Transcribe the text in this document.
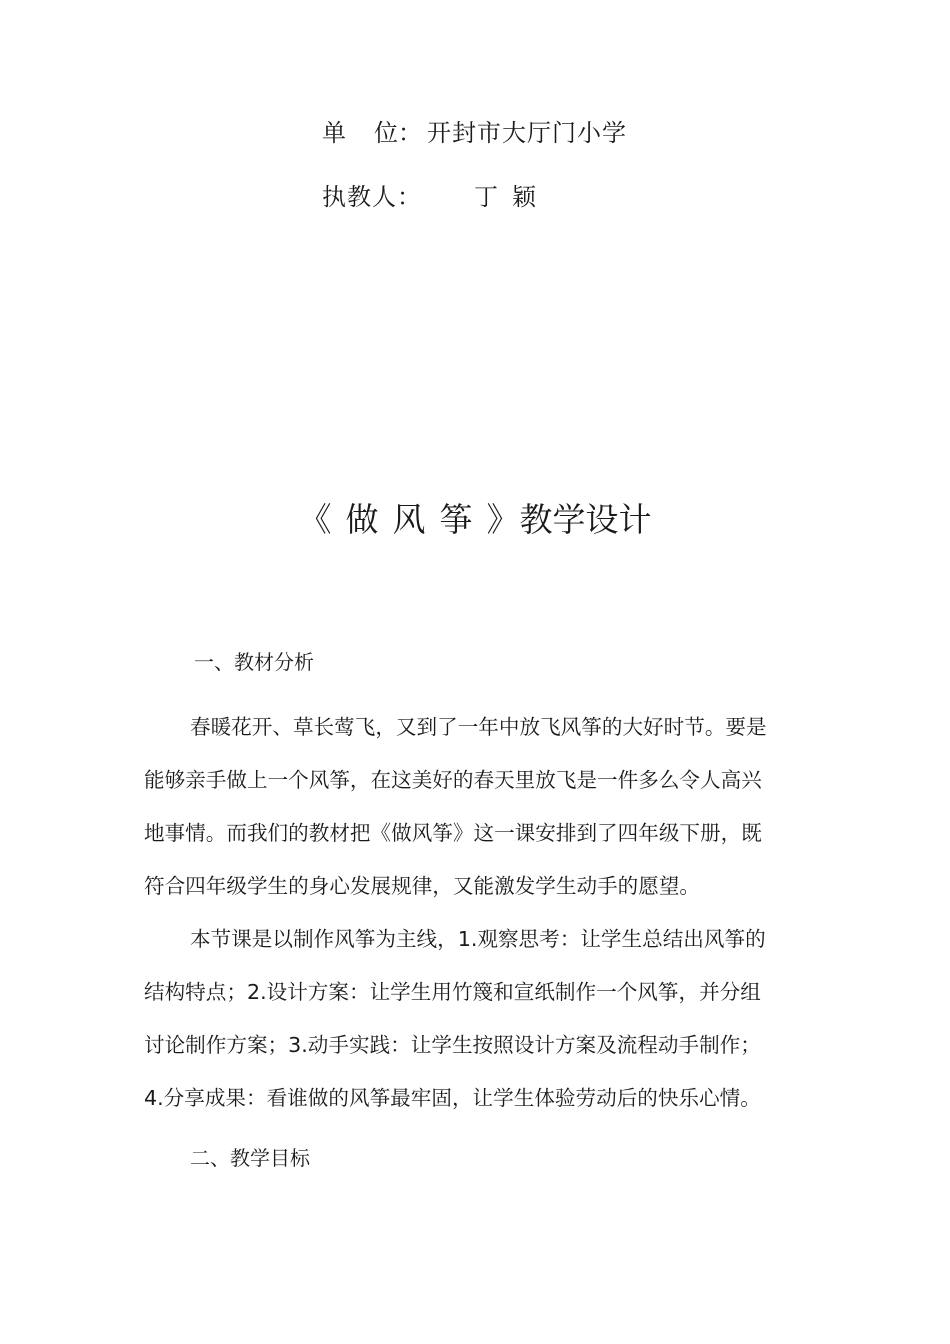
单 位： 开封市大厅门小学
执教人： 丁颖
《做风筝》教学设计
一、教材分析
春暖花开、草长莺飞，又到了一年中放飞风筝的大好时节。要是
能够亲手做上一个风筝，在这美好的春天里放飞是一件多么令人高兴
地事情。而我们的教材把《做风筝》这一课安排到了四年级下册，既
符合四年级学生的身心发展规律，又能激发学生动手的愿望。
本节课是以制作风筝为主线，1.观察思考：让学生总结出风筝的
结构特点；2.设计方案：让学生用竹篾和宣纸制作一个风筝，并分组
讨论制作方案；3.动手实践：让学生按照设计方案及流程动手制作；
4.分享成果：看谁做的风筝最牢固，让学生体验劳动后的快乐心情。
二、教学目标
